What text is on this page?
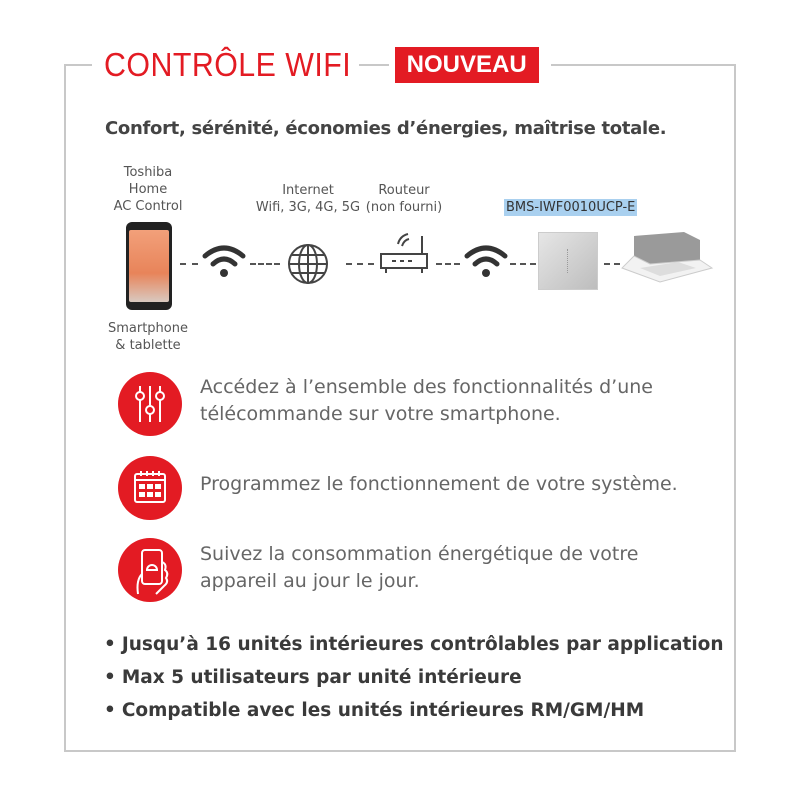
CONTRÔLE WIFI	NOUVEAU
Confort, sérénité, économies d’énergies, maîtrise totale.
Toshiba
Home
AC Control
Smartphone
& tablette
Internet
Wifi, 3G, 4G, 5G
Routeur
(non fourni)	BMS-IWF0010UCP-E
Accédez à l’ensemble des fonctionnalités d’une
télécommande sur votre smartphone.
Programmez le fonctionnement de votre système.
Suivez la consommation énergétique de votre
appareil au jour le jour.
• Jusqu’à 16 unités intérieures contrôlables par application
• Max 5 utilisateurs par unité intérieure
• Compatible avec les unités intérieures RM/GM/HM
